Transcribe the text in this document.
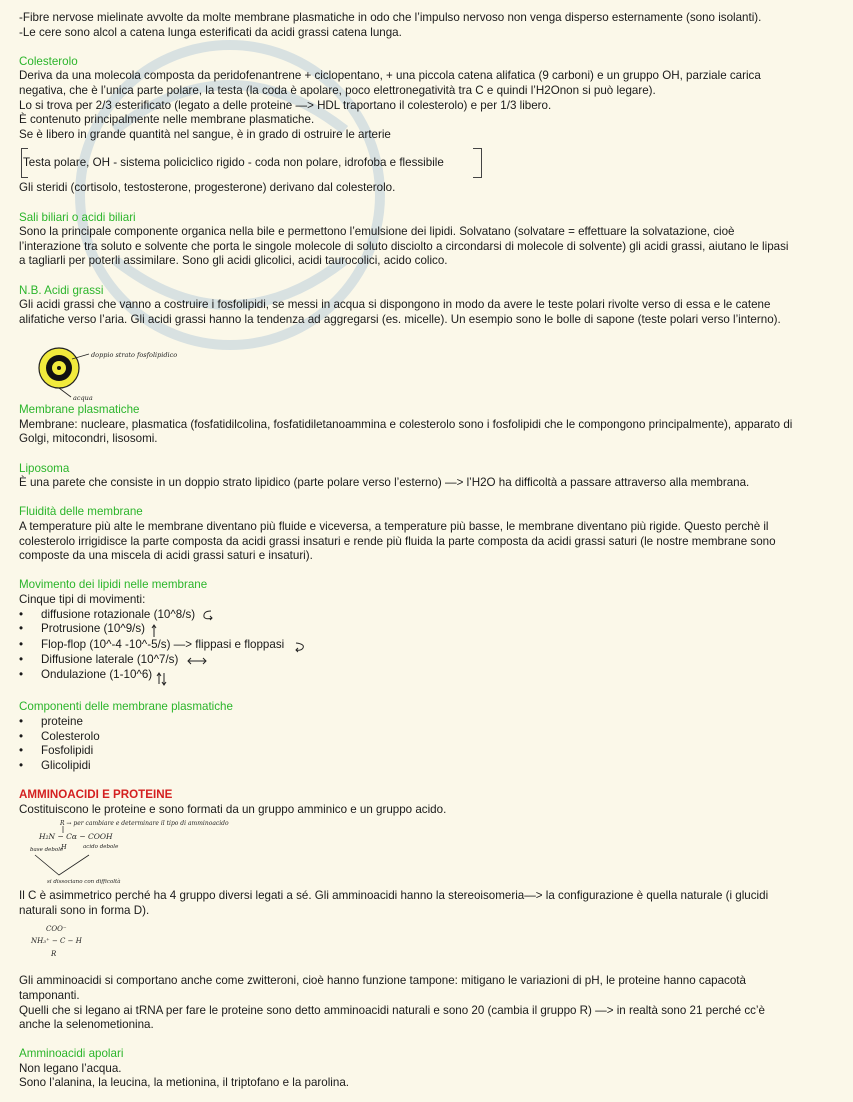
-Fibre nervose mielinate avvolte da molte membrane plasmatiche in odo che l’impulso nervoso non venga disperso esternamente (sono isolanti).

-Le cere sono alcol a catena lunga esterificati da acidi grassi catena lunga.

Colesterolo

Deriva da una molecola composta da peridofenantrene + ciclopentano, + una piccola catena alifatica (9 carboni) e un gruppo OH, parziale carica

negativa, che è l’unica parte polare, la testa (la coda è apolare, poco elettronegatività tra C e quindi l’H2Onon si può legare).

Lo si trova per 2/3 esterificato (legato a delle proteine —> HDL traportano il colesterolo) e per 1/3 libero.

È contenuto principalmente nelle membrane plasmatiche.

Se è libero in grande quantità nel sangue, è in grado di ostruire le arterie

Testa polare, OH - sistema policiclico rigido - coda non polare, idrofoba e flessibile

Gli steridi (cortisolo, testosterone, progesterone) derivano dal colesterolo.

Sali biliari o acidi biliari

Sono la principale componente organica nella bile e permettono l’emulsione dei lipidi. Solvatano (solvatare = effettuare la solvatazione, cioè

l’interazione tra soluto e solvente che porta le singole molecole di soluto disciolto a circondarsi di molecole di solvente) gli acidi grassi, aiutano le lipasi

a tagliarli per poterli assimilare. Sono gli acidi glicolici, acidi taurocolici, acido colico.

N.B. Acidi grassi

Gli acidi grassi che vanno a costruire i fosfolipidi, se messi in acqua si dispongono in modo da avere le teste polari rivolte verso di essa e le catene

alifatiche verso l’aria. Gli acidi grassi hanno la tendenza ad aggregarsi (es. micelle). Un esempio sono le bolle di sapone (teste polari verso l’interno).

doppio strato fosfolipidico
acqua

Membrane plasmatiche

Membrane: nucleare, plasmatica (fosfatidilcolina, fosfatidiletanoammina e colesterolo sono i fosfolipidi che le compongono principalmente), apparato di

Golgi, mitocondri, lisosomi.

Liposoma

È una parete che consiste in un doppio strato lipidico (parte polare verso l’esterno) —> l’H2O ha difficoltà a passare attraverso alla membrana.

Fluidità delle membrane

A temperature più alte le membrane diventano più fluide e viceversa, a temperature più basse, le membrane diventano più rigide. Questo perchè il

colesterolo irrigidisce la parte composta da acidi grassi insaturi e rende più fluida la parte composta da acidi grassi saturi (le nostre membrane sono

composte da una miscela di acidi grassi saturi e insaturi).

Movimento dei lipidi nelle membrane

Cinque tipi di movimenti:

• diffusione rotazionale (10^8/s)
• Protrusione (10^9/s)
• Flop-flop (10^-4 -10^-5/s) —> flippasi e floppasi
• Diffusione laterale (10^7/s)
• Ondulazione (1-10^6)

Componenti delle membrane plasmatiche

• proteine
• Colesterolo
• Fosfolipidi
• Glicolipidi

AMMINOACIDI E PROTEINE

Costituiscono le proteine e sono formati da un gruppo amminico e un gruppo acido.

R → per cambiare e determinare il tipo di amminoacido
H₂N − Cα − COOH
H
base debole	acido debole
si dissociano con difficoltà

Il C è asimmetrico perché ha 4 gruppo diversi legati a sé. Gli amminoacidi hanno la stereoisomeria—> la configurazione è quella naturale (i glucidi

naturali sono in forma D).

COO⁻
NH₃⁺ − C − H
R

Gli amminoacidi si comportano anche come zwitteroni, cioè hanno funzione tampone: mitigano le variazioni di pH, le proteine hanno capacotà

tamponanti.

Quelli che si legano ai tRNA per fare le proteine sono detto amminoacidi naturali e sono 20 (cambia il gruppo R) —> in realtà sono 21 perché cc’è

anche la selenometionina.

Amminoacidi apolari

Non legano l’acqua.

Sono l’alanina, la leucina, la metionina, il triptofano e la parolina.
